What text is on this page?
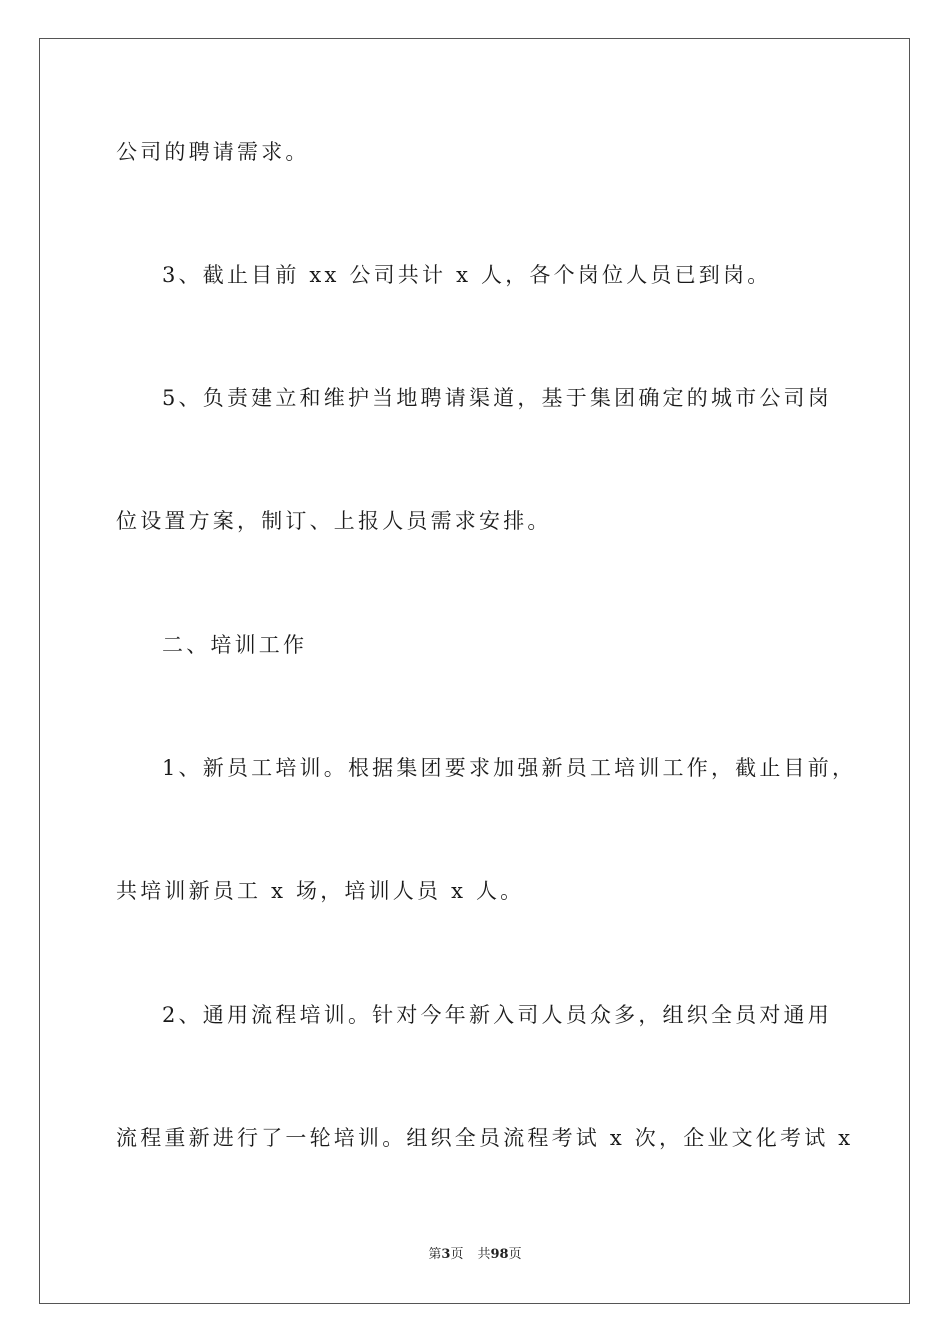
公司的聘请需求。
3、截止目前 xx 公司共计 x 人，各个岗位人员已到岗。
5、负责建立和维护当地聘请渠道，基于集团确定的城市公司岗
位设置方案，制订、上报人员需求安排。
二、培训工作
1、新员工培训。根据集团要求加强新员工培训工作，截止目前，
共培训新员工 x 场，培训人员 x 人。
2、通用流程培训。针对今年新入司人员众多，组织全员对通用
流程重新进行了一轮培训。组织全员流程考试 x 次，企业文化考试 x
第3页 共98页
